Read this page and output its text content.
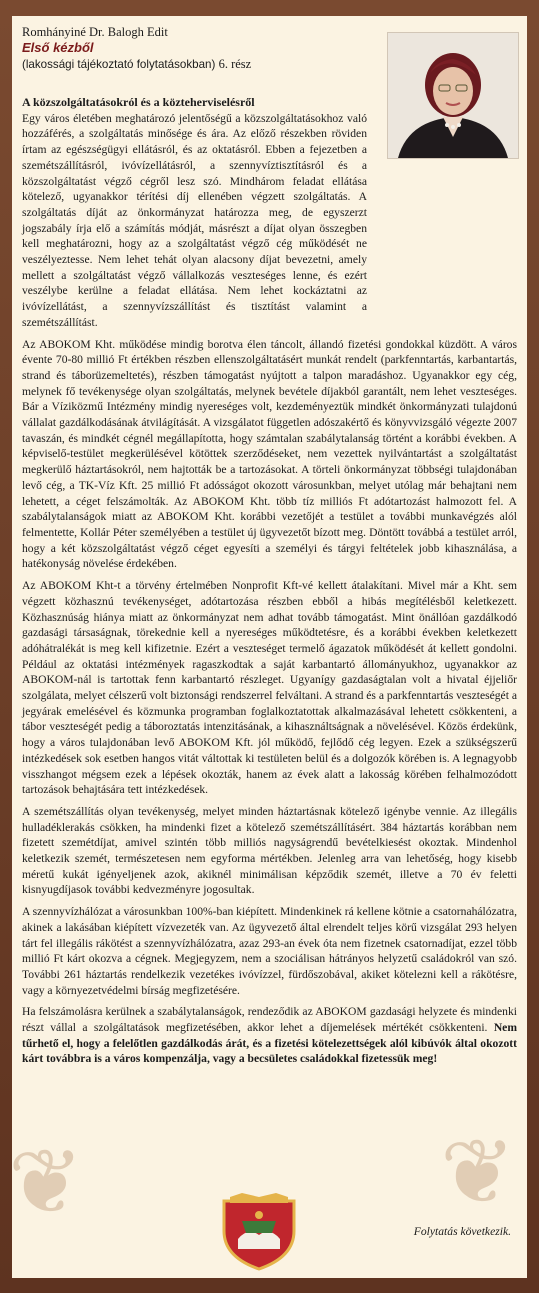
❦	❦

Romhányiné Dr. Balogh Edit

Első kézből

(lakossági tájékoztató folytatásokban) 6. rész

A közszolgáltatásokról és a közteherviselésről

Egy város életében meghatározó jelentőségű a közszolgáltatásokhoz való hozzáférés, a szolgáltatás minősége és ára. Az előző részekben röviden írtam az egészségügyi ellátásról, és az oktatásról. Ebben a fejezetben a szemétszállításról, ivóvízellátásról, a szennyvíztisztításról és a közszolgáltatást végző cégről lesz szó. Mindhárom feladat ellátása kötelező, ugyanakkor térítési díj ellenében végzett szolgáltatás. A szolgáltatás díját az önkormányzat határozza meg, de egyszerzt jogszabály írja elő a számítás módját, másrészt a díjat olyan összegben kell meghatározni, hogy az a szolgáltatást végző cég működését ne veszélyeztesse. Nem lehet tehát olyan alacsony díjat bevezetni, amely mellett a szolgáltatást végző vállalkozás veszteséges lenne, és ezért veszélybe kerülne a feladat ellátása. Nem lehet kockáztatni az ivóvízellátást, a szennyvízszállítást és tisztítást valamint a szemétszállítást.

Az ABOKOM Kht. működése mindig borotva élen táncolt, állandó fizetési gondokkal küzdött. A város évente 70-80 millió Ft értékben részben ellenszolgáltatásért munkát rendelt (parkfenntartás, karbantartás, strand és táborüzemeltetés), részben támogatást nyújtott a talpon maradáshoz. Ugyanakkor egy cég, melynek fő tevékenysége olyan szolgáltatás, melynek bevétele díjakból garantált, nem lehet veszteséges. Bár a Víziközmű Intézmény mindig nyereséges volt, kezdeményeztük mindkét önkormányzati tulajdonú vállalat gazdálkodásának átvilágítását. A vizsgálatot független adószakértő és könyvvizsgáló végezte 2007 tavaszán, és mindkét cégnél megállapította, hogy számtalan szabálytalanság történt a korábbi években. A képviselő-testület megkerülésével kötöttek szerződéseket, nem vezettek nyilvántartást a szolgáltatást megkerülő háztartásokról, nem hajtották be a tartozásokat. A törteli önkormányzat többségi tulajdonában levő cég, a TK-Víz Kft. 25 millió Ft adósságot okozott városunkban, melyet utólag már behajtani nem lehetett, a céget felszámolták. Az ABOKOM Kht. több tíz milliós Ft adótartozást halmozott fel. A szabálytalanságok miatt az ABOKOM Kht. korábbi vezetőjét a testület a további munkavégzés alól felmentette, Kollár Péter személyében a testület új ügyvezetőt bízott meg. Döntött továbbá a testület arról, hogy a két közszolgáltatást végző céget egyesíti a személyi és tárgyi feltételek jobb kihasználása, a hatékonyság növelése érdekében.

Az ABOKOM Kht-t a törvény értelmében Nonprofit Kft-vé kellett átalakítani. Mivel már a Kht. sem végzett közhasznú tevékenységet, adótartozása részben ebből a hibás megítélésből keletkezett. Közhasznúság hiánya miatt az önkormányzat nem adhat tovább támogatást. Mint önállóan gazdálkodó gazdasági társaságnak, törekednie kell a nyereséges működtetésre, és a korábbi években keletkezett adóhátralékát is meg kell kifizetnie. Ezért a veszteséget termelő ágazatok működését át kellett gondolni. Például az oktatási intézmények ragaszkodtak a saját karbantartó állományukhoz, ugyanakkor az ABOKOM-nál is tartottak fenn karbantartó részleget. Ugyanígy gazdaságtalan volt a hivatal éjjeliőr szolgálata, melyet célszerű volt biztonsági rendszerrel felváltani. A strand és a parkfenntartás veszteségét a jegyárak emelésével és közmunka programban foglalkoztatottak alkalmazásával lehetett csökkenteni, a tábor veszteségét pedig a táboroztatás intenzitásának, a kihasználtságnak a növelésével. Közös érdekünk, hogy a város tulajdonában levő ABOKOM Kft. jól működő, fejlődő cég legyen. Ezek a szükségszerű intézkedések sok esetben hangos vitát váltottak ki testületen belül és a dolgozók körében is. A legnagyobb visszhangot mégsem ezek a lépések okozták, hanem az évek alatt a lakosság körében felhalmozódott tartozások behajtására tett intézkedések.

A szemétszállítás olyan tevékenység, melyet minden háztartásnak kötelező igénybe vennie. Az illegális hulladéklerakás csökken, ha mindenki fizet a kötelező szemétszállításért. 384 háztartás korábban nem fizetett szemétdíjat, amivel szintén több milliós nagyságrendű bevételkiesést okoztak. Mindenhol keletkezik szemét, természetesen nem egyforma mértékben. Jelenleg arra van lehetőség, hogy kisebb méretű kukát igényeljenek azok, akiknél minimálisan képződik szemét, illetve a 70 év feletti kisnyugdíjasok további kedvezményre jogosultak.

A szennyvízhálózat a városunkban 100%-ban kiépített. Mindenkinek rá kellene kötnie a csatornahálózatra, akinek a lakásában kiépített vízvezeték van. Az ügyvezető által elrendelt teljes körű vizsgálat 293 helyen tárt fel illegális rákötést a szennyvízhálózatra, azaz 293-an évek óta nem fizetnek csatornadíjat, ezzel több millió Ft kárt okozva a cégnek. Megjegyzem, nem a szociálisan hátrányos helyzetű családokról van szó. További 261 háztartás rendelkezik vezetékes ivóvízzel, fürdőszobával, akiket kötelezni kell a rákötésre, vagy a környezetvédelmi bírság megfizetésére.

Ha felszámolásra kerülnek a szabálytalanságok, rendeződik az ABOKOM gazdasági helyzete és mindenki részt vállal a szolgáltatások megfizetésében, akkor lehet a díjemelések mértékét csökkenteni. Nem tűrhető el, hogy a felelőtlen gazdálkodás árát, és a fizetési kötelezettségek alól kibúvók által okozott kárt továbbra is a város kompenzálja, vagy a becsületes családokkal fizetessük meg!

Folytatás következik.
